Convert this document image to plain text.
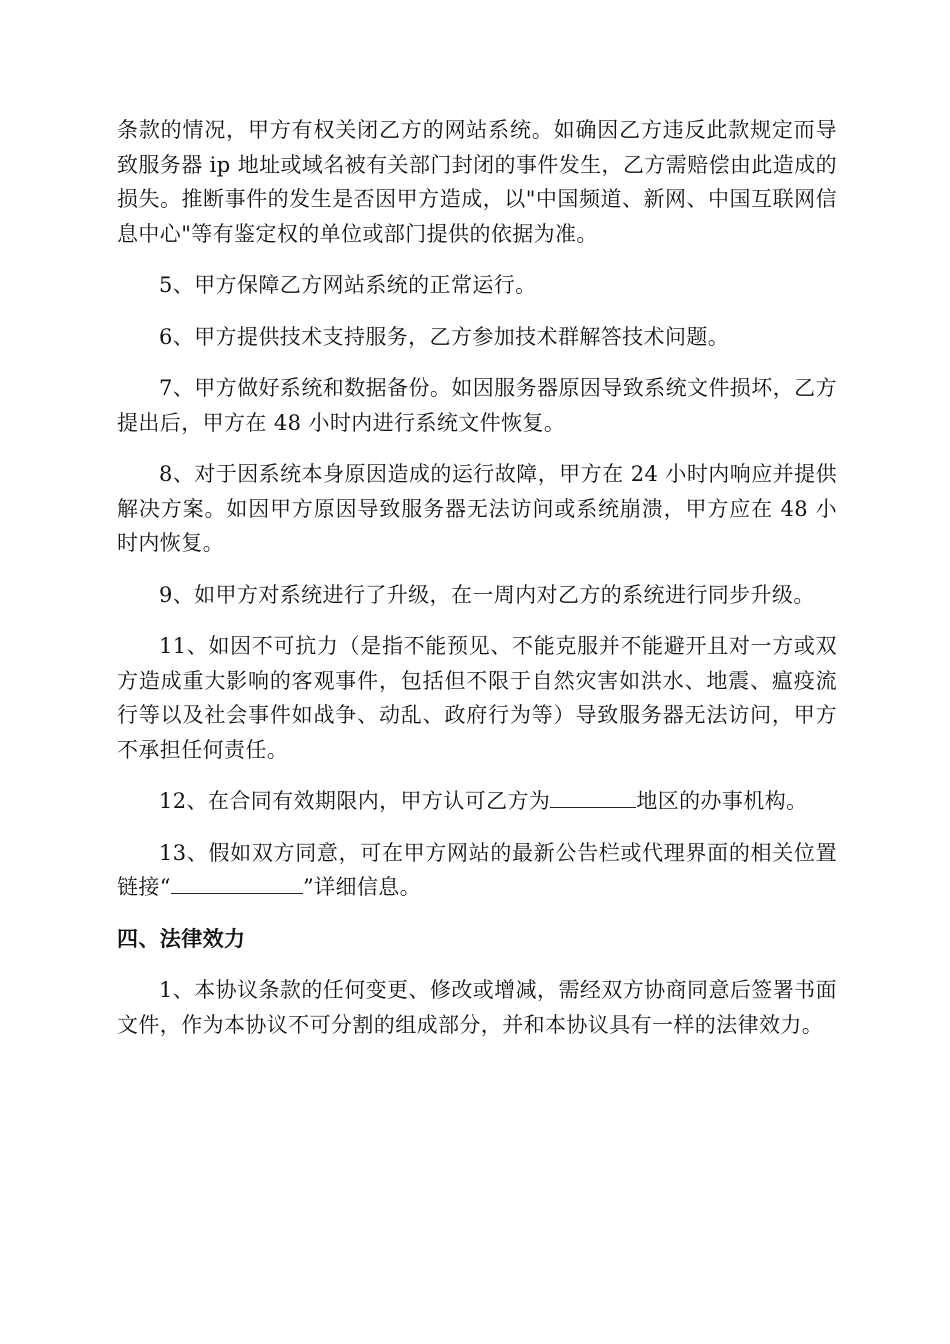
条款的情况，甲方有权关闭乙方的网站系统。如确因乙方违反此款规定而导致服务器 ip 地址或域名被有关部门封闭的事件发生，乙方需赔偿由此造成的损失。推断事件的发生是否因甲方造成，以"中国频道、新网、中国互联网信息中心"等有鉴定权的单位或部门提供的依据为准。

5、甲方保障乙方网站系统的正常运行。

6、甲方提供技术支持服务，乙方参加技术群解答技术问题。

7、甲方做好系统和数据备份。如因服务器原因导致系统文件损坏，乙方提出后，甲方在 48 小时内进行系统文件恢复。

8、对于因系统本身原因造成的运行故障，甲方在 24 小时内响应并提供解决方案。如因甲方原因导致服务器无法访问或系统崩溃，甲方应在 48 小时内恢复。

9、如甲方对系统进行了升级，在一周内对乙方的系统进行同步升级。

11、如因不可抗力（是指不能预见、不能克服并不能避开且对一方或双方造成重大影响的客观事件，包括但不限于自然灾害如洪水、地震、瘟疫流行等以及社会事件如战争、动乱、政府行为等）导致服务器无法访问，甲方不承担任何责任。

12、在合同有效期限内，甲方认可乙方为	地区的办事机构。

13、假如双方同意，可在甲方网站的最新公告栏或代理界面的相关位置链接“	”详细信息。

四、法律效力

1、本协议条款的任何变更、修改或增减，需经双方协商同意后签署书面文件，作为本协议不可分割的组成部分，并和本协议具有一样的法律效力。
